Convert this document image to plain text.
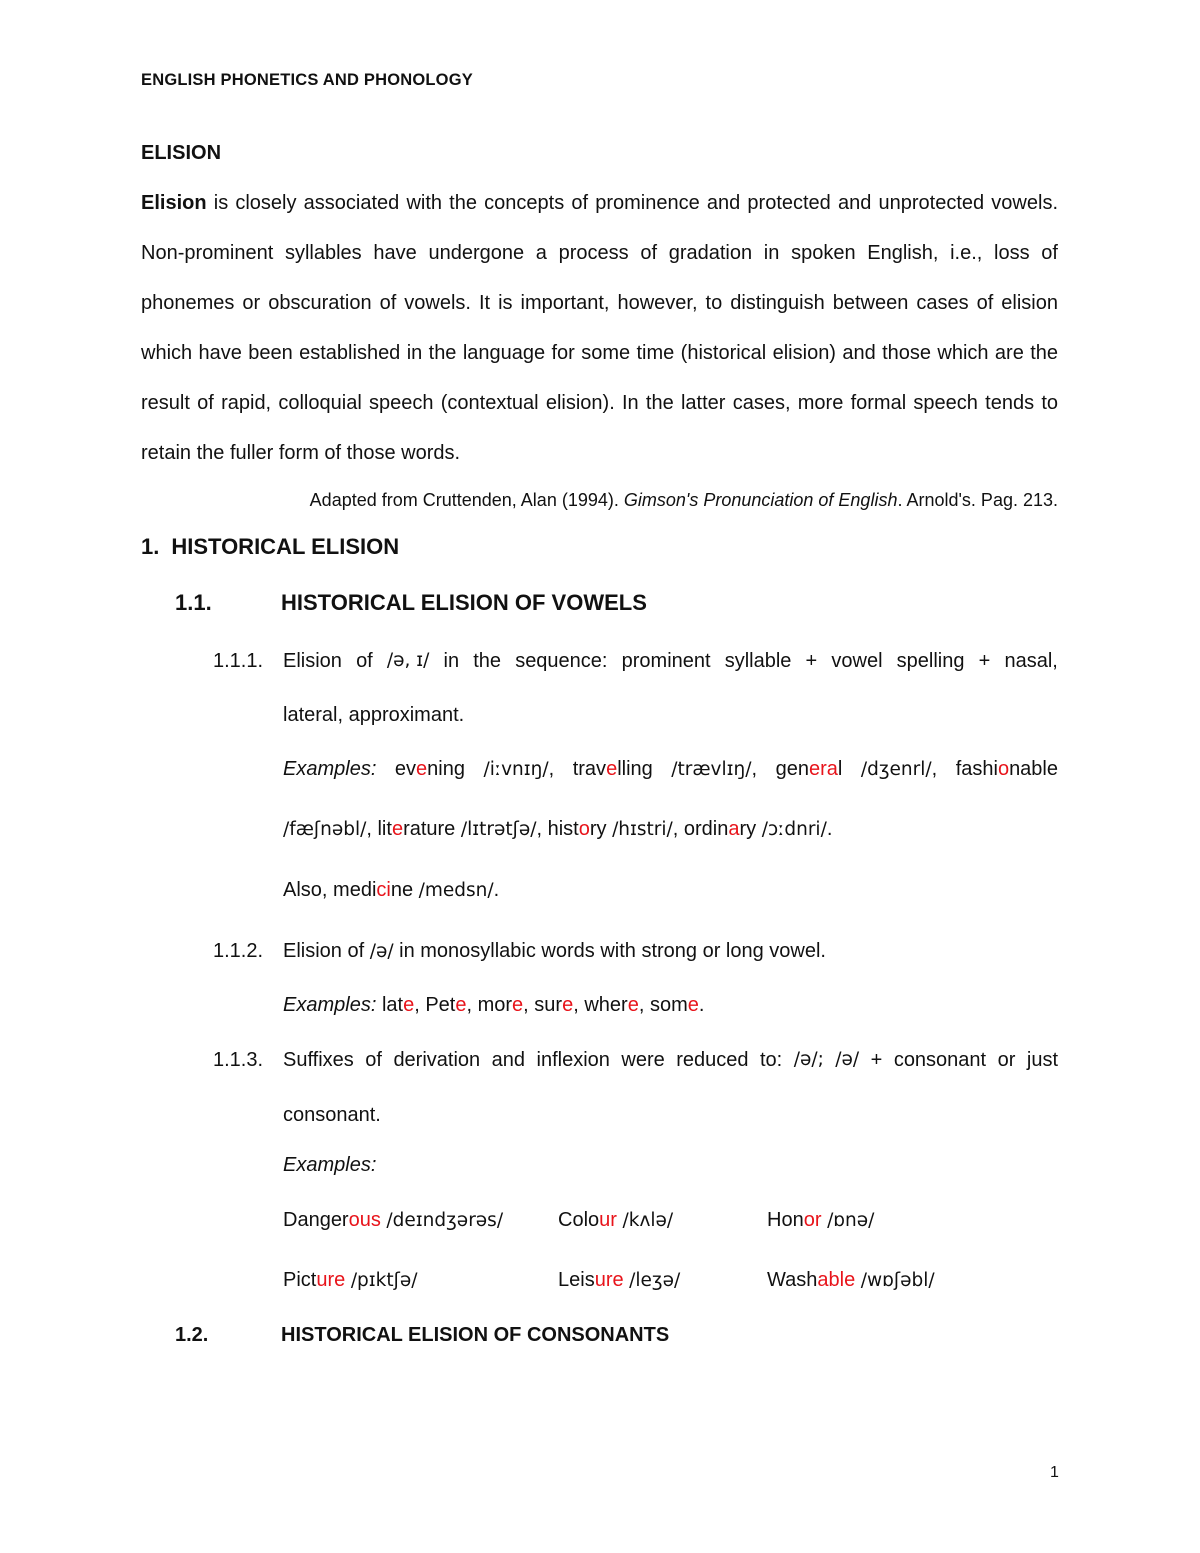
ENGLISH PHONETICS AND PHONOLOGY
ELISION

Elision is closely associated with the concepts of prominence and protected and unprotected vowels. Non-prominent syllables have undergone a process of gradation in spoken English, i.e., loss of phonemes or obscuration of vowels. It is important, however, to distinguish between cases of elision which have been established in the language for some time (historical elision) and those which are the result of rapid, colloquial speech (contextual elision). In the latter cases, more formal speech tends to retain the fuller form of those words.

Adapted from Cruttenden, Alan (1994). Gimson's Pronunciation of English. Arnold's. Pag. 213.
1. HISTORICAL ELISION
1.1.	HISTORICAL ELISION OF VOWELS
1.1.1. Elision of /ə, ɪ/ in the sequence: prominent syllable + vowel spelling + nasal,
lateral, approximant.
Examples: evening /iːvnɪŋ/, travelling /trævlɪŋ/, general /dʒenrl/, fashionable
/fæʃnəbl/, literature /lɪtrətʃə/, history /hɪstri/, ordinary /ɔːdnri/.
Also, medicine /medsn/.
1.1.2. Elision of /ə/ in monosyllabic words with strong or long vowel.
Examples: late, Pete, more, sure, where, some.
1.1.3. Suffixes of derivation and inflexion were reduced to: /ə/; /ə/ + consonant or just
consonant.
Examples:
Dangerous /deɪndʒərəs/	Colour /kʌlə/	Honor /ɒnə/
Picture /pɪktʃə/	Leisure /leʒə/	Washable /wɒʃəbl/
1.2.	HISTORICAL ELISION OF CONSONANTS
1
